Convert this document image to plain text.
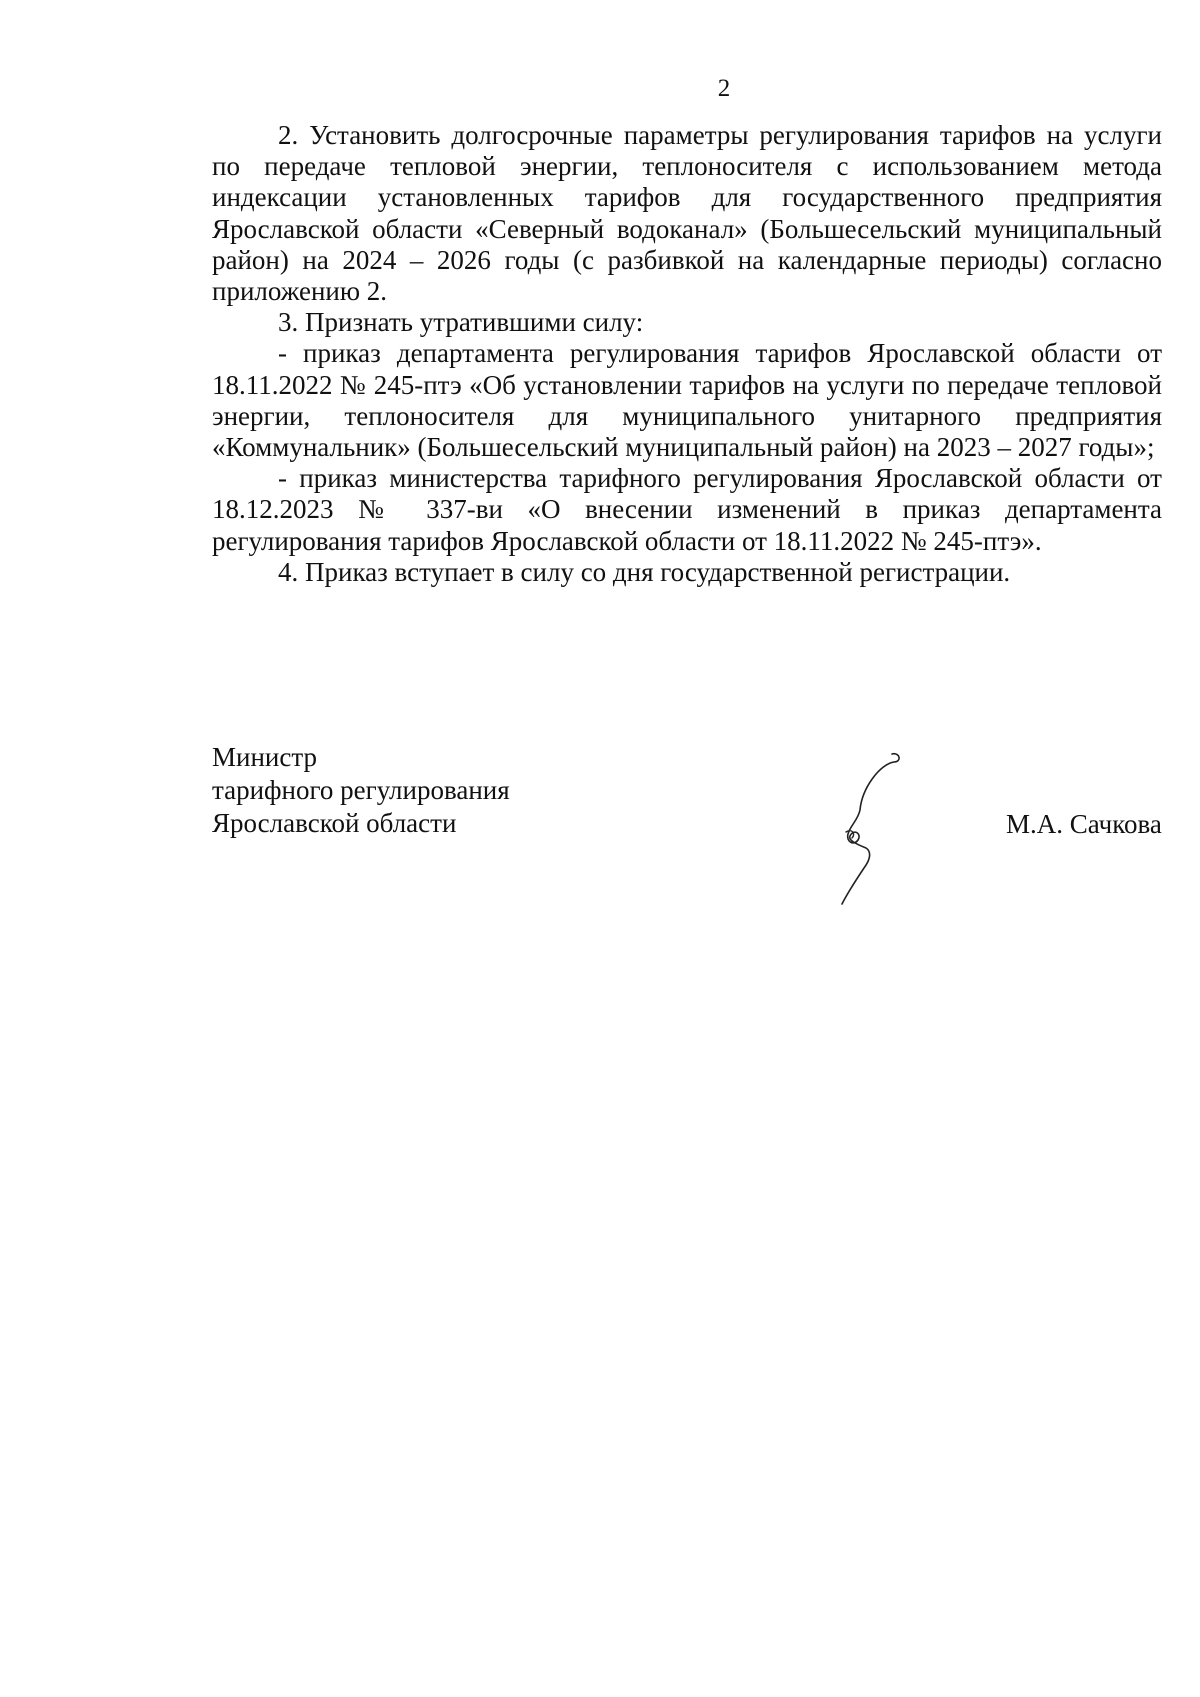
2

2. Установить долгосрочные параметры регулирования тарифов на услуги по передаче тепловой энергии, теплоносителя с использованием метода индексации установленных тарифов для государственного предприятия Ярославской области «Северный водоканал» (Большесельский муниципальный район) на 2024 – 2026 годы (с разбивкой на календарные периоды) согласно приложению 2.

3. Признать утратившими силу:

- приказ департамента регулирования тарифов Ярославской области от 18.11.2022 № 245-птэ «Об установлении тарифов на услуги по передаче тепловой энергии, теплоносителя для муниципального унитарного предприятия «Коммунальник» (Большесельский муниципальный район) на 2023 – 2027 годы»;

- приказ министерства тарифного регулирования Ярославской области от 18.12.2023 № 337-ви «О внесении изменений в приказ департамента регулирования тарифов Ярославской области от 18.11.2022 № 245-птэ».

4. Приказ вступает в силу со дня государственной регистрации.

Министр
тарифного регулирования
Ярославской области	М.А. Сачкова
